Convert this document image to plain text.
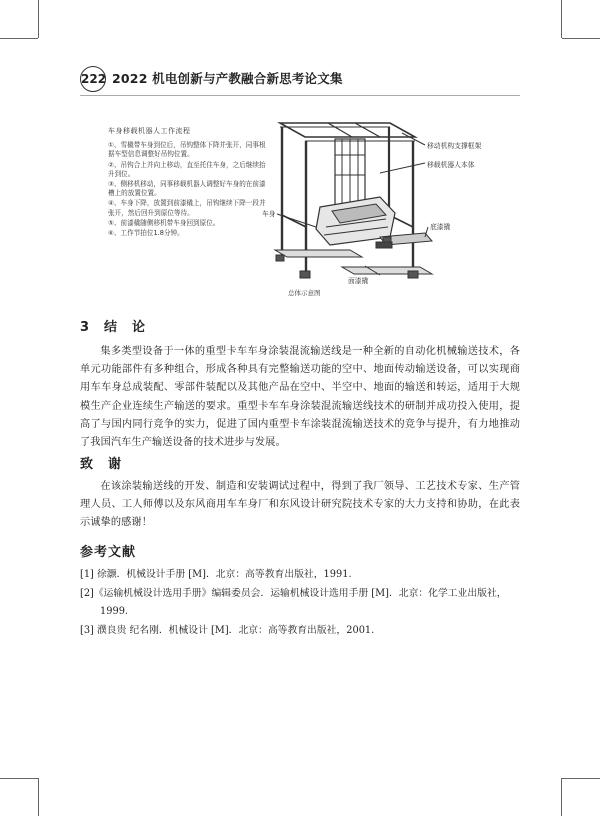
222 2022 机电创新与产教融合新思考论文集
车身移载机器人工作流程
①、雪橇带车身到位后，吊钩整体下降并张开，同事根据车型信息调整好吊钩位置。
②、吊钩合上并向上移动，直至托住车身，之后继续抬升到位。
③、侧移机移动，同事移载机器人调整好车身的在前漆槽上的放置位置。
④、车身下降，放置到前漆橇上，吊钩继续下降一段并张开，然后回升到原位等待。
⑤、前漆橇随侧移机带车身回到原位。
⑥、工作节拍位1.8分钟。
移动机构支撑框架
移载机器人本体
车身
底漆撬
面漆撬
总体示意图
3　结　论

集多类型设备于一体的重型卡车车身涂装混流输送线是一种全新的自动化机械输送技术，各单元功能部件有多种组合，形成各种具有完整输送功能的空中、地面传动输送设备，可以实现商用车车身总成装配、零部件装配以及其他产品在空中、半空中、地面的输送和转运，适用于大规模生产企业连续生产输送的要求。重型卡车车身涂装混流输送线技术的研制并成功投入使用，提高了与国内同行竞争的实力，促进了国内重型卡车涂装混流输送技术的竞争与提升，有力地推动了我国汽车生产输送设备的技术进步与发展。

致　谢

在该涂装输送线的开发、制造和安装调试过程中，得到了我厂领导、工艺技术专家、生产管理人员、工人师傅以及东风商用车车身厂和东风设计研究院技术专家的大力支持和协助，在此表示诚挚的感谢！

参考文献
[1] 徐灏．机械设计手册 [M]．北京：高等教育出版社，1991.
[2]《运输机械设计选用手册》编辑委员会．运输机械设计选用手册 [M]．北京：化学工业出版社，1999.
[3] 濮良贵 纪名刚．机械设计 [M]．北京：高等教育出版社，2001.
